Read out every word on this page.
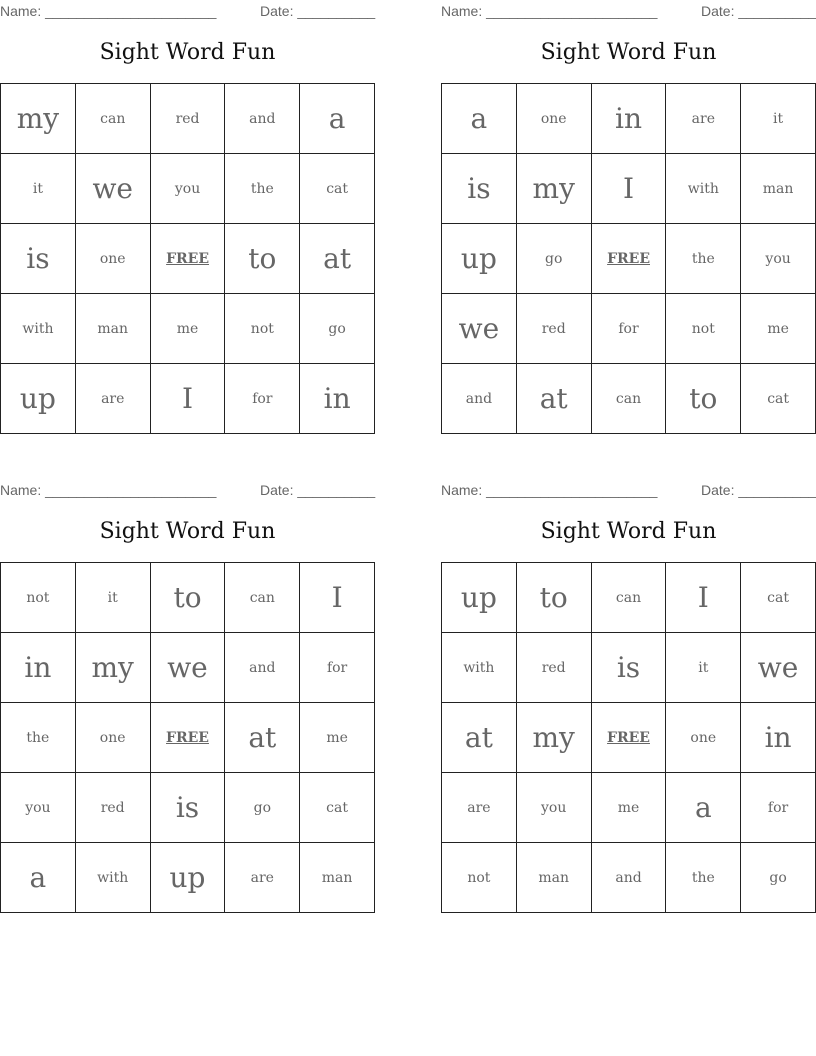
Name: ______________________	Date: __________
Sight Word Fun
my	can	red	and	a
it	we	you	the	cat
is	one	FREE	to	at
with	man	me	not	go
up	are	I	for	in
Name: ______________________	Date: __________
Sight Word Fun
a	one	in	are	it
is	my	I	with	man
up	go	FREE	the	you
we	red	for	not	me
and	at	can	to	cat
Name: ______________________	Date: __________
Sight Word Fun
not	it	to	can	I
in	my	we	and	for
the	one	FREE	at	me
you	red	is	go	cat
a	with	up	are	man
Name: ______________________	Date: __________
Sight Word Fun
up	to	can	I	cat
with	red	is	it	we
at	my	FREE	one	in
are	you	me	a	for
not	man	and	the	go
